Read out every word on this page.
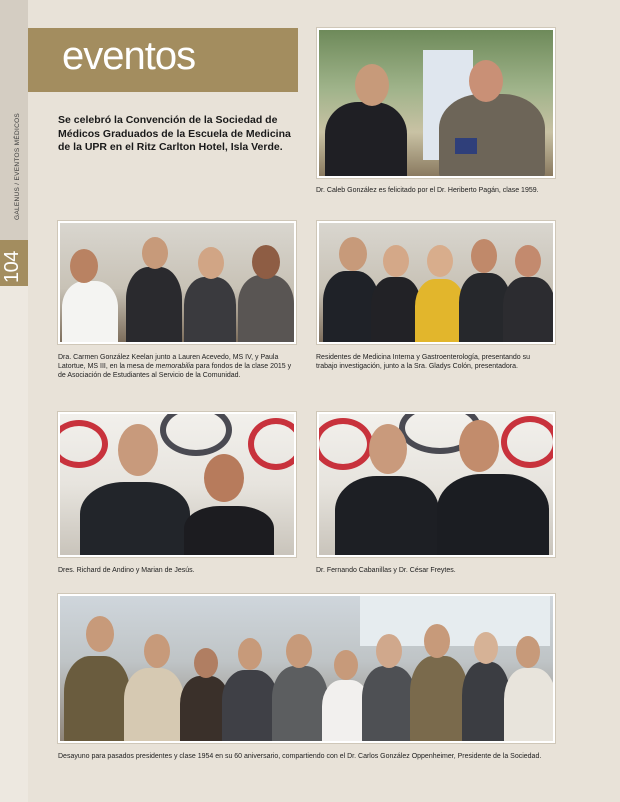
GALENUS / EVENTOS MÉDICOS
104
eventos
Se celebró la Convención de la Sociedad de Médicos Graduados de la Escuela de Medicina de la UPR en el Ritz Carlton Hotel, Isla Verde.
Dr. Caleb González es felicitado por el Dr. Heriberto Pagán, clase 1959.
Dra. Carmen González Keelan junto a Lauren Acevedo, MS IV, y Paula Latortue, MS III, en la mesa de memorabilia para fondos de la clase 2015 y de Asociación de Estudiantes al Servicio de la Comunidad.
Residentes de Medicina Interna y Gastroenterología, presentando su trabajo investigación, junto a la Sra. Gladys Colón, presentadora.
Dres. Richard de Andino y Marian de Jesús.	Dr. Fernando Cabanillas y Dr. César Freytes.
Desayuno para pasados presidentes y clase 1954 en su 60 aniversario, compartiendo con el Dr. Carlos González Oppenheimer, Presidente de la Sociedad.
